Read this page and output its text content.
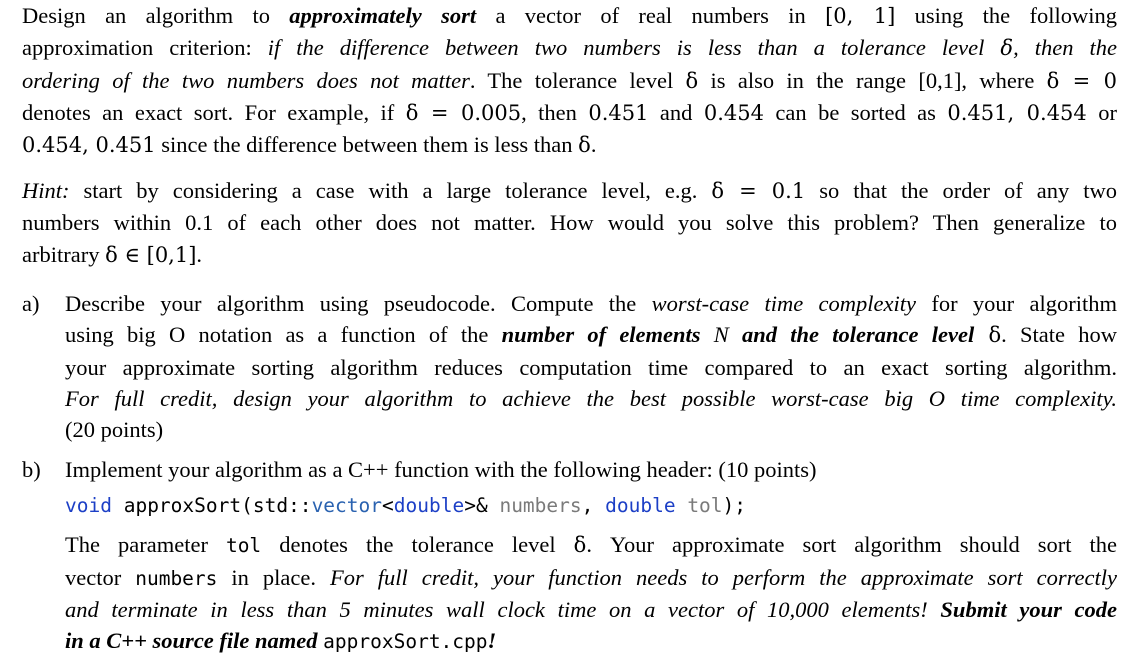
Design an algorithm to approximately sort a vector of real numbers in [0, 1] using the following
approximation criterion: if the difference between two numbers is less than a tolerance level δ, then the
ordering of the two numbers does not matter. The tolerance level δ is also in the range [0,1], where δ = 0
denotes an exact sort. For example, if δ = 0.005, then 0.451 and 0.454 can be sorted as 0.451, 0.454 or
0.454, 0.451 since the difference between them is less than δ.
Hint: start by considering a case with a large tolerance level, e.g. δ = 0.1 so that the order of any two
numbers within 0.1 of each other does not matter. How would you solve this problem? Then generalize to
arbitrary δ ∈ [0,1].
a) Describe your algorithm using pseudocode. Compute the worst-case time complexity for your algorithm
using big O notation as a function of the number of elements N and the tolerance level δ. State how
your approximate sorting algorithm reduces computation time compared to an exact sorting algorithm.
For full credit, design your algorithm to achieve the best possible worst-case big O time complexity.
(20 points)
b) Implement your algorithm as a C++ function with the following header: (10 points)
void approxSort(std::vector<double>& numbers, double tol);
The parameter tol denotes the tolerance level δ. Your approximate sort algorithm should sort the
vector numbers in place. For full credit, your function needs to perform the approximate sort correctly
and terminate in less than 5 minutes wall clock time on a vector of 10,000 elements! Submit your code
in a C++ source file named approxSort.cpp!
